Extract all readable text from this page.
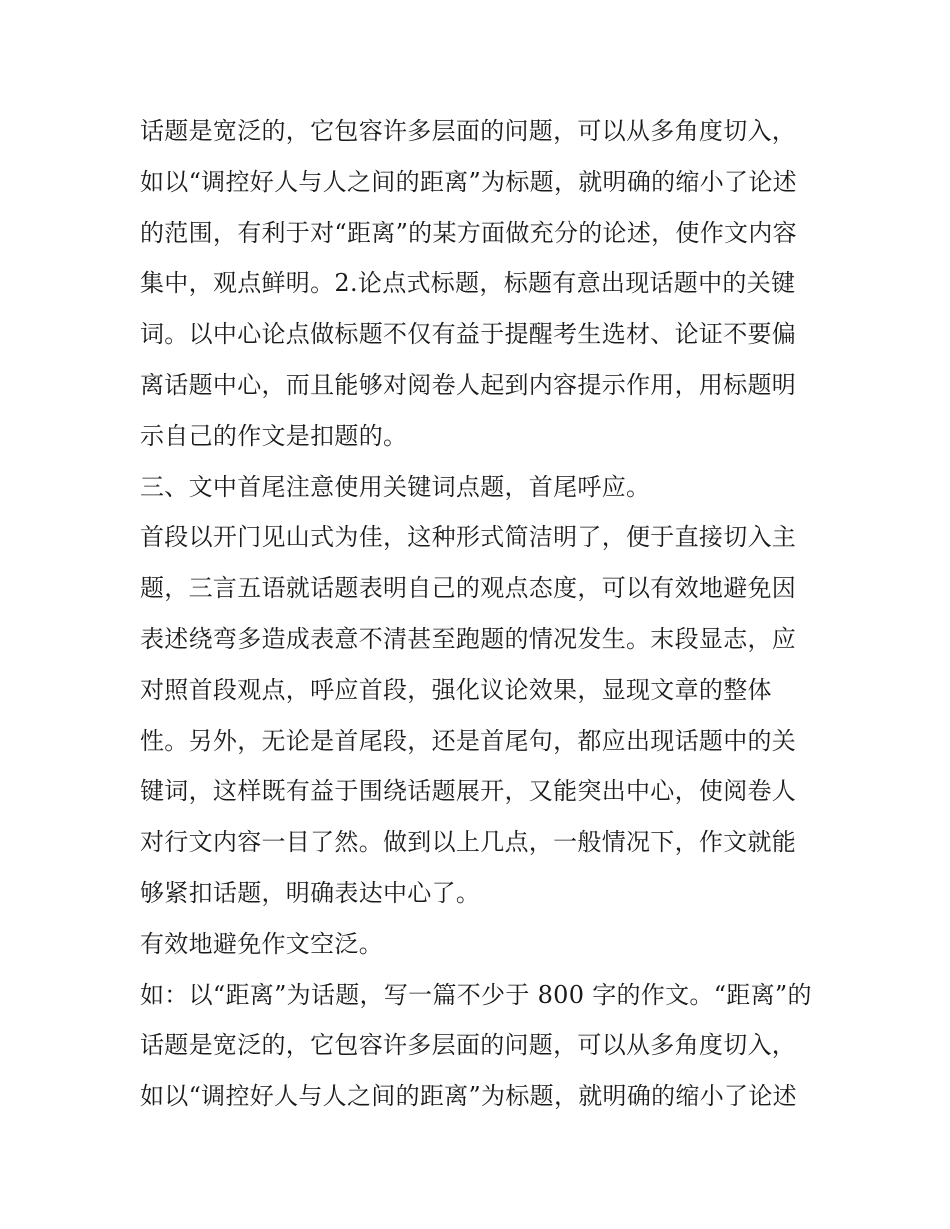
话题是宽泛的，它包容许多层面的问题，可以从多角度切入，
如以“调控好人与人之间的距离”为标题，就明确的缩小了论述
的范围，有利于对“距离”的某方面做充分的论述，使作文内容
集中，观点鲜明。2.论点式标题，标题有意出现话题中的关键
词。以中心论点做标题不仅有益于提醒考生选材、论证不要偏
离话题中心，而且能够对阅卷人起到内容提示作用，用标题明
示自己的作文是扣题的。
三、文中首尾注意使用关键词点题，首尾呼应。
首段以开门见山式为佳，这种形式简洁明了，便于直接切入主
题，三言五语就话题表明自己的观点态度，可以有效地避免因
表述绕弯多造成表意不清甚至跑题的情况发生。末段显志，应
对照首段观点，呼应首段，强化议论效果，显现文章的整体
性。另外，无论是首尾段，还是首尾句，都应出现话题中的关
键词，这样既有益于围绕话题展开，又能突出中心，使阅卷人
对行文内容一目了然。做到以上几点，一般情况下，作文就能
够紧扣话题，明确表达中心了。
有效地避免作文空泛。
如：以“距离”为话题，写一篇不少于 800 字的作文。“距离”的
话题是宽泛的，它包容许多层面的问题，可以从多角度切入，
如以“调控好人与人之间的距离”为标题，就明确的缩小了论述
